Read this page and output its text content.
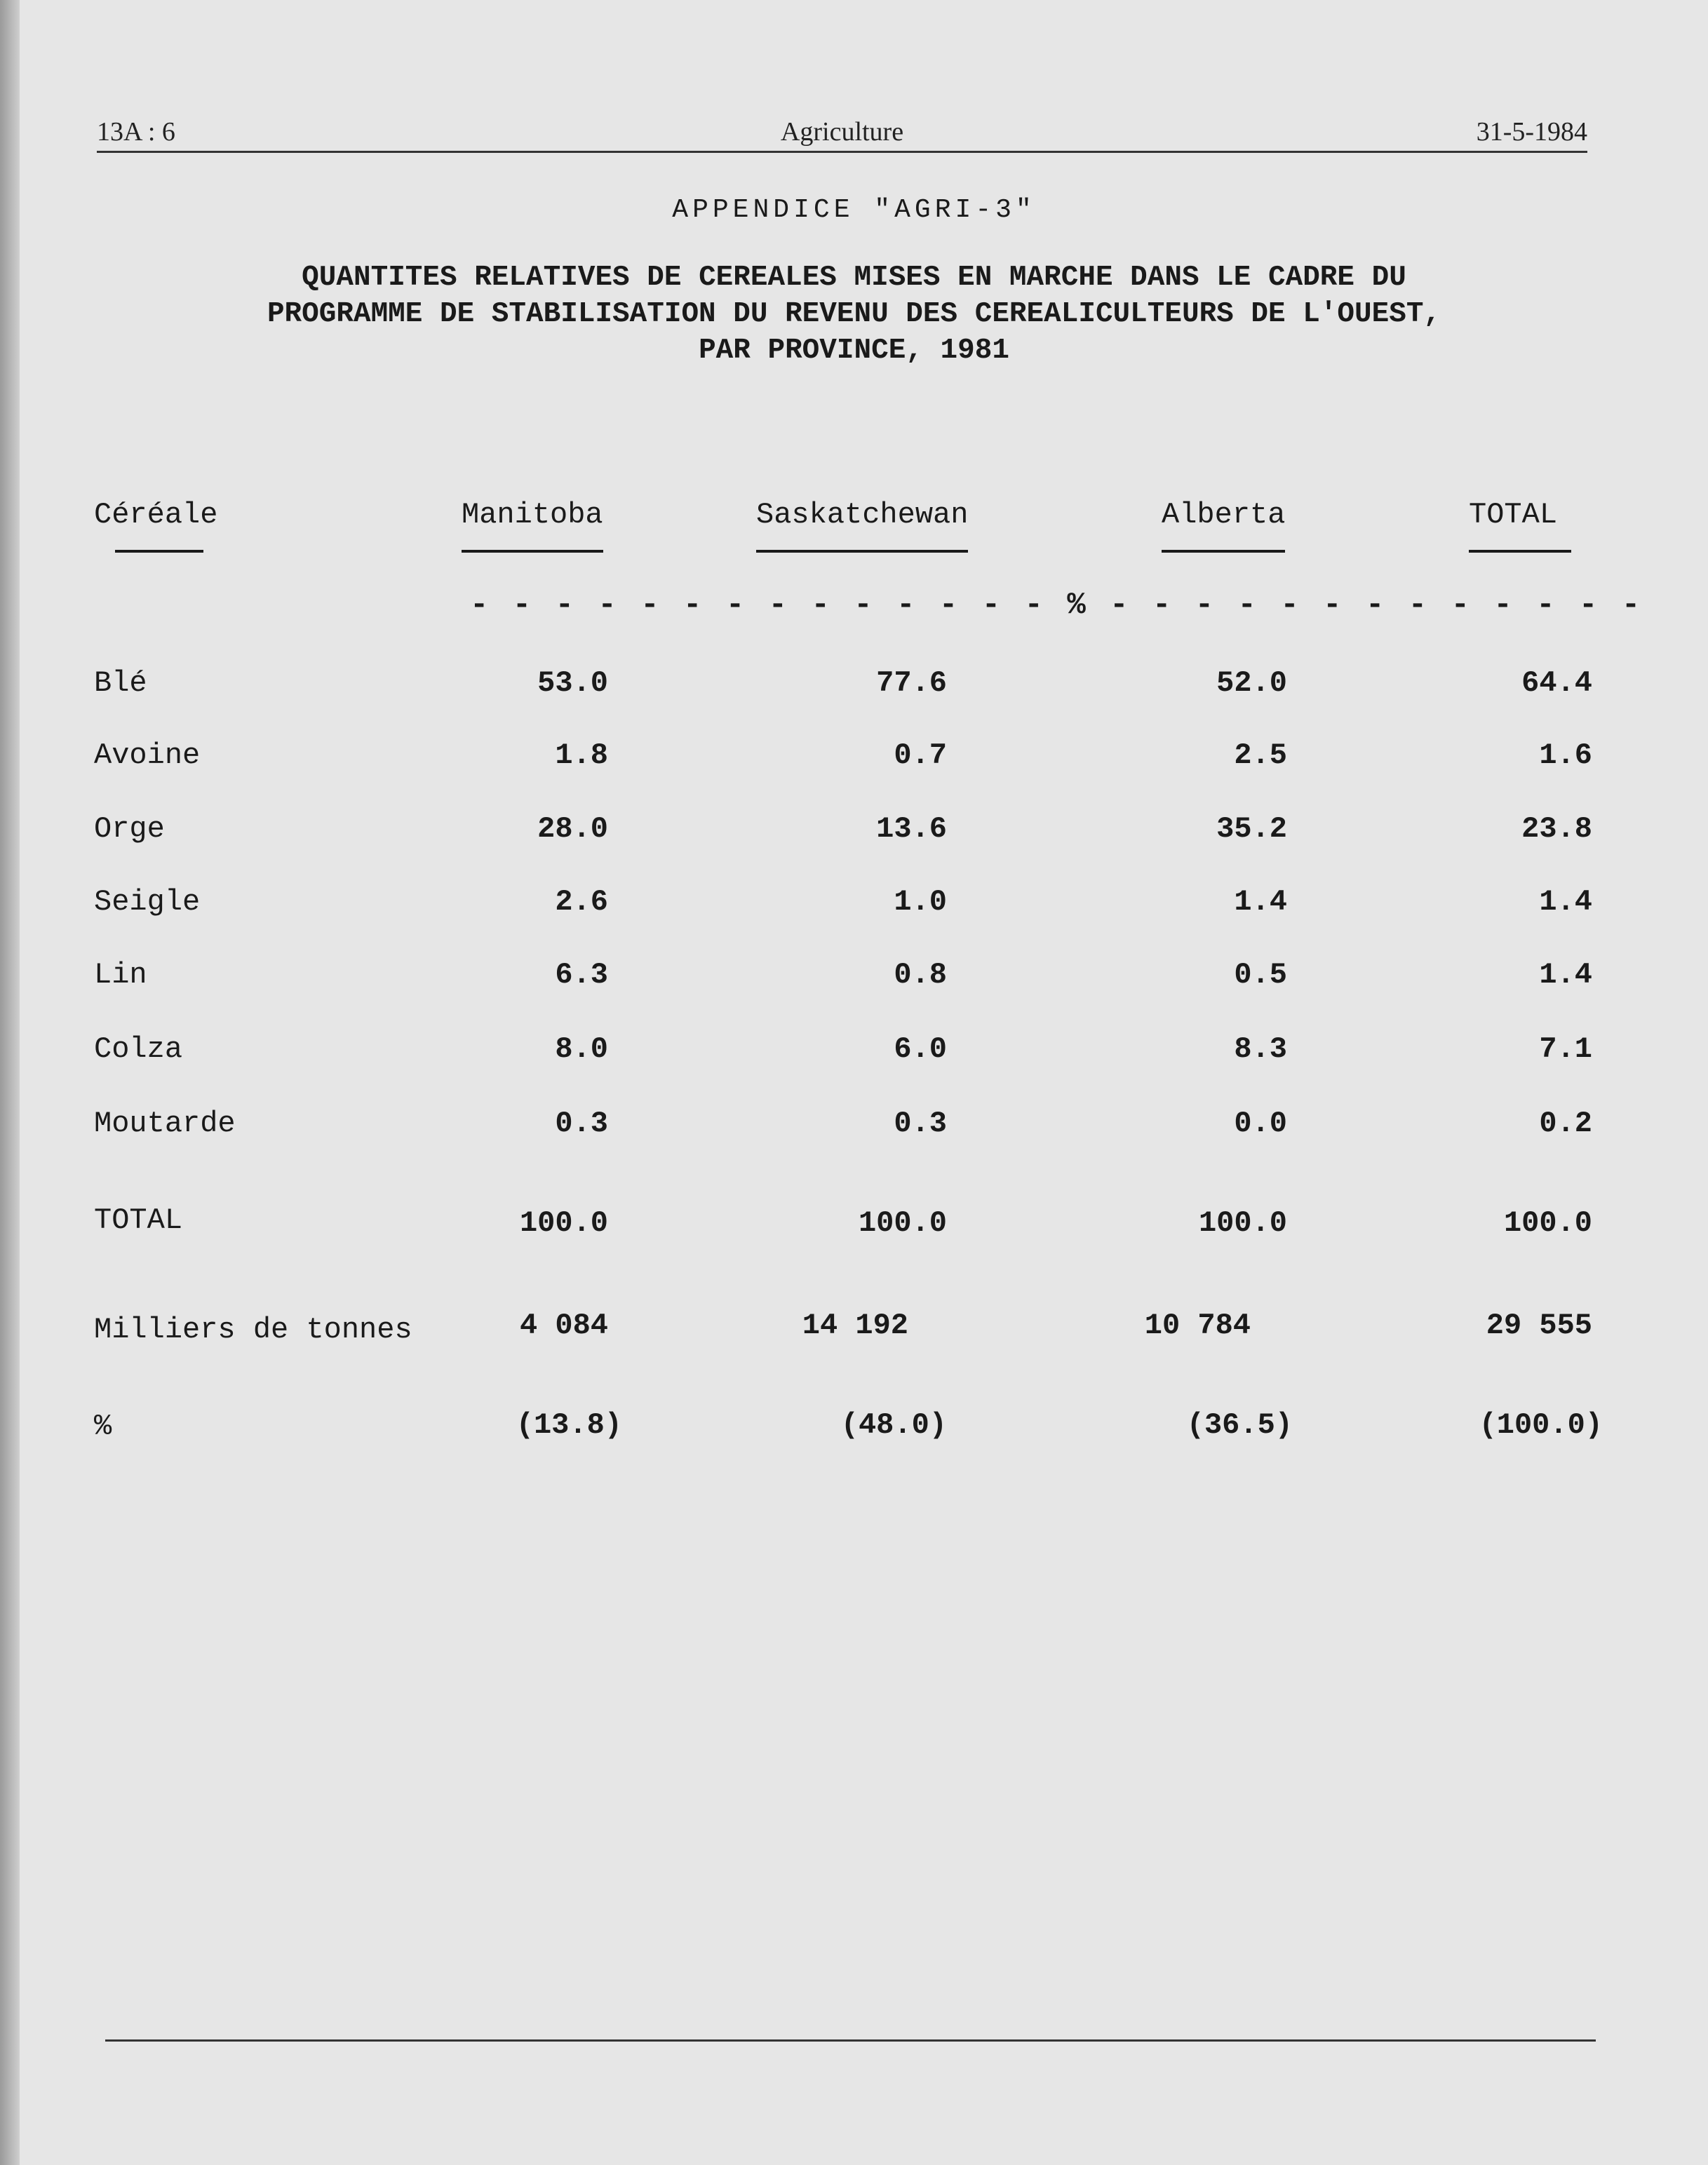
13A : 6	Agriculture	31-5-1984
APPENDICE "AGRI-3"
QUANTITES RELATIVES DE CEREALES MISES EN MARCHE DANS LE CADRE DU
PROGRAMME DE STABILISATION DU REVENU DES CEREALICULTEURS DE L'OUEST,
PAR PROVINCE, 1981
Céréale	Manitoba	Saskatchewan	Alberta	TOTAL
- - - - - - - - - - - - - - % - - - - - - - - - - - - -
Blé	53.0	77.6	52.0	64.4
Avoine	1.8	0.7	2.5	1.6
Orge	28.0	13.6	35.2	23.8
Seigle	2.6	1.0	1.4	1.4
Lin	6.3	0.8	0.5	1.4
Colza	8.0	6.0	8.3	7.1
Moutarde	0.3	0.3	0.0	0.2
TOTAL	100.0	100.0	100.0	100.0
Milliers de tonnes	4 084	14 192	10 784	29 555
%	(13.8)	(48.0)	(36.5)	(100.0)
